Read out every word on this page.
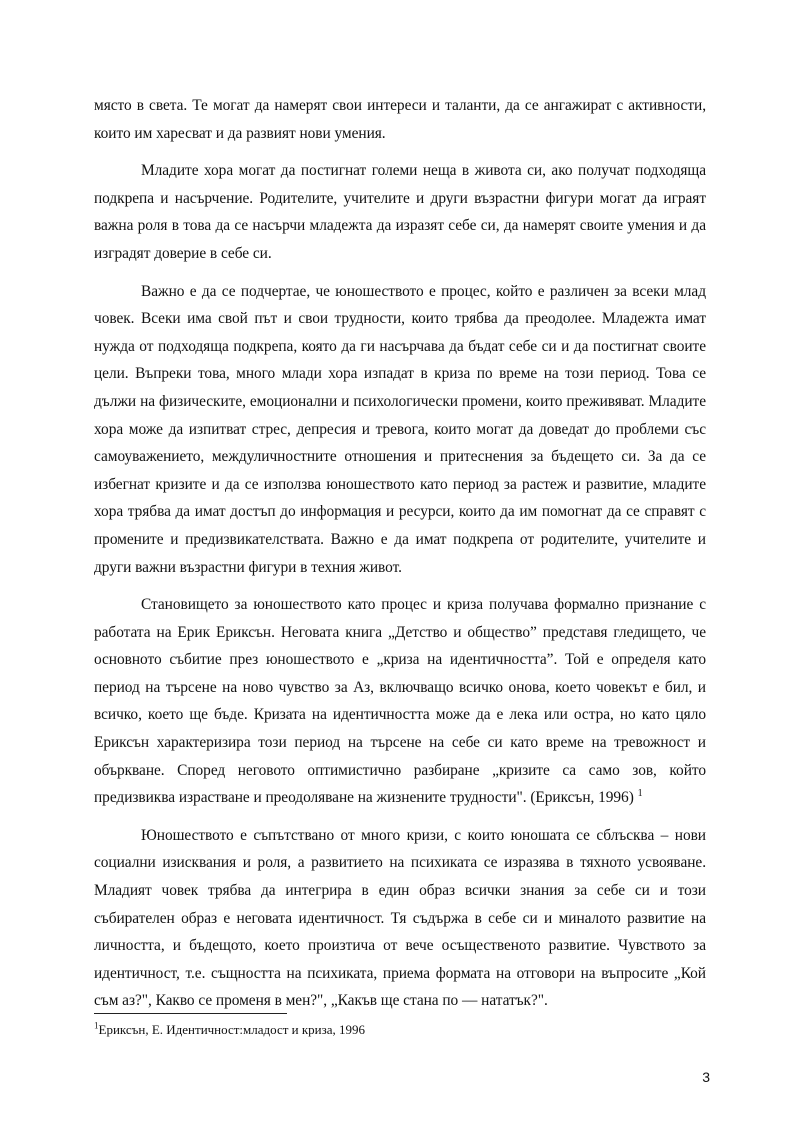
място в света. Те могат да намерят свои интереси и таланти, да се ангажират с активности, които им харесват и да развият нови умения.

Младите хора могат да постигнат големи неща в живота си, ако получат подходяща подкрепа и насърчение. Родителите, учителите и други възрастни фигури могат да играят важна роля в това да се насърчи младежта да изразят себе си, да намерят своите умения и да изградят доверие в себе си.

Важно е да се подчертае, че юношеството е процес, който е различен за всеки млад човек. Всеки има свой път и свои трудности, които трябва да преодолее. Младежта имат нужда от подходяща подкрепа, която да ги насърчава да бъдат себе си и да постигнат своите цели. Въпреки това, много млади хора изпадат в криза по време на този период. Това се дължи на физическите, емоционални и психологически промени, които преживяват. Младите хора може да изпитват стрес, депресия и тревога, които могат да доведат до проблеми със самоуважението, междуличностните отношения и притеснения за бъдещето си. За да се избегнат кризите и да се използва юношеството като период за растеж и развитие, младите хора трябва да имат достъп до информация и ресурси, които да им помогнат да се справят с промените и предизвикателствата. Важно е да имат подкрепа от родителите, учителите и други важни възрастни фигури в техния живот.

Становището за юношеството като процес и криза получава формално признание с работата на Ерик Ериксън. Неговата книга „Детство и общество” представя гледището, че основното събитие през юношеството е „криза на идентичността”. Той е определя като период на търсене на ново чувство за Аз, включващо всичко онова, което човекът е бил, и всичко, което ще бъде. Кризата на идентичността може да е лека или остра, но като цяло Ериксън характеризира този период на търсене на себе си като време на тревожност и объркване. Според неговото оптимистично разбиране „кризите са само зов, който предизвиква израстване и преодоляване на жизнените трудности". (Ериксън, 1996) $^1$

Юношеството е съпътствано от много кризи, с които юношата се сблъсква – нови социални изисквания и роля, а развитието на психиката се изразява в тяхното усвояване. Младият човек трябва да интегрира в един образ всички знания за себе си и този събирателен образ е неговата идентичност. Тя съдържа в себе си и миналото развитие на личността, и бъдещото, което произтича от вече осъщественото развитие. Чувството за идентичност, т.е. същността на психиката, приема формата на отговори на въпросите „Кой съм аз?", Какво се променя в мен?", „Какъв ще стана по — нататък?".

$^1$Ериксън, Е. Идентичност:младост и криза, 1996
3
